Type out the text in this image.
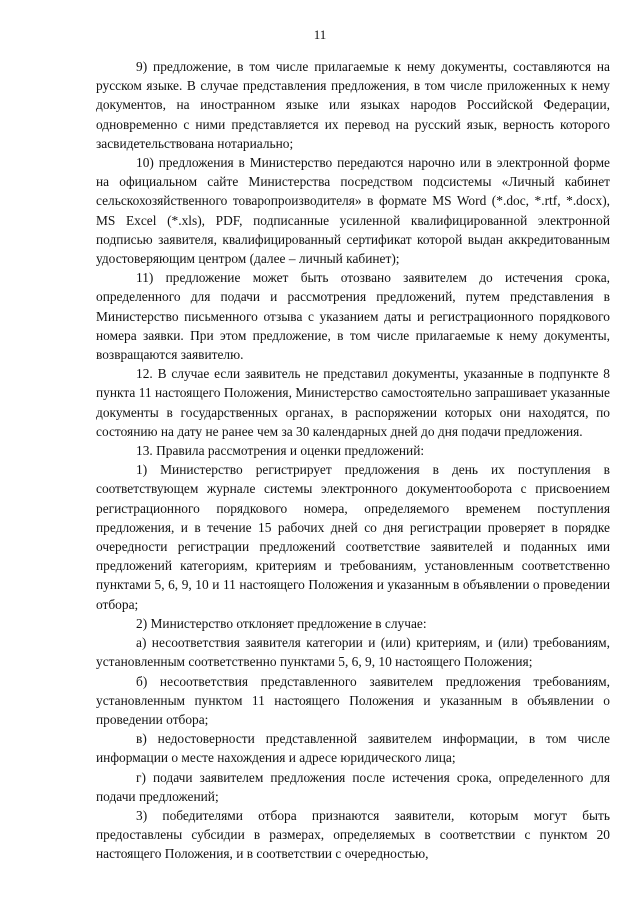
11

9) предложение, в том числе прилагаемые к нему документы, составляются на русском языке. В случае представления предложения, в том числе приложенных к нему документов, на иностранном языке или языках народов Российской Федерации, одновременно с ними представляется их перевод на русский язык, верность которого засвидетельствована нотариально;

10) предложения в Министерство передаются нарочно или в электронной форме на официальном сайте Министерства посредством подсистемы «Личный кабинет сельскохозяйственного товаропроизводителя» в формате MS Word (*.doc, *.rtf, *.docx), MS Excel (*.xls), PDF, подписанные усиленной квалифицированной электронной подписью заявителя, квалифицированный сертификат которой выдан аккредитованным удостоверяющим центром (далее – личный кабинет);

11) предложение может быть отозвано заявителем до истечения срока, определенного для подачи и рассмотрения предложений, путем представления в Министерство письменного отзыва с указанием даты и регистрационного порядкового номера заявки. При этом предложение, в том числе прилагаемые к нему документы, возвращаются заявителю.

12. В случае если заявитель не представил документы, указанные в подпункте 8 пункта 11 настоящего Положения, Министерство самостоятельно запрашивает указанные документы в государственных органах, в распоряжении которых они находятся, по состоянию на дату не ранее чем за 30 календарных дней до дня подачи предложения.

13. Правила рассмотрения и оценки предложений:

1) Министерство регистрирует предложения в день их поступления в соответствующем журнале системы электронного документооборота с присвоением регистрационного порядкового номера, определяемого временем поступления предложения, и в течение 15 рабочих дней со дня регистрации проверяет в порядке очередности регистрации предложений соответствие заявителей и поданных ими предложений категориям, критериям и требованиям, установленным соответственно пунктами 5, 6, 9, 10 и 11 настоящего Положения и указанным в объявлении о проведении отбора;

2) Министерство отклоняет предложение в случае:

а) несоответствия заявителя категории и (или) критериям, и (или) требованиям, установленным соответственно пунктами 5, 6, 9, 10 настоящего Положения;

б) несоответствия представленного заявителем предложения требованиям, установленным пунктом 11 настоящего Положения и указанным в объявлении о проведении отбора;

в) недостоверности представленной заявителем информации, в том числе информации о месте нахождения и адресе юридического лица;

г) подачи заявителем предложения после истечения срока, определенного для подачи предложений;

3) победителями отбора признаются заявители, которым могут быть предоставлены субсидии в размерах, определяемых в соответствии с пунктом 20 настоящего Положения, и в соответствии с очередностью,
